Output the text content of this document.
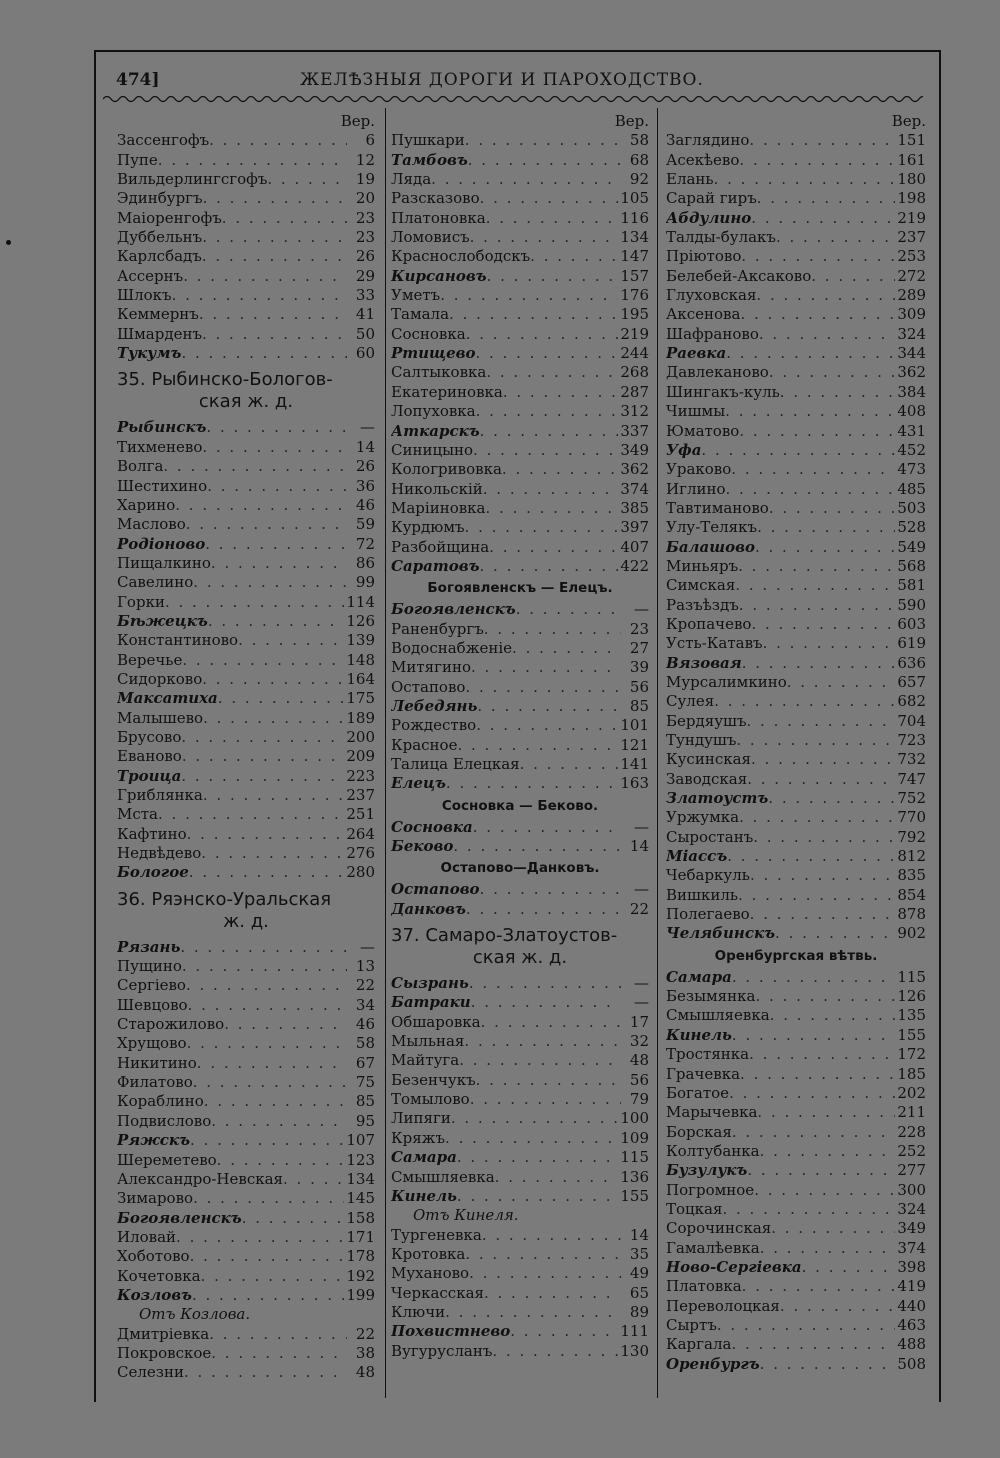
474]	ЖЕЛѢЗНЫЯ ДОРОГИ И ПАРОХОДСТВО.
Вер.
Зассенгофъ . . .	6
Пупе . . .	12
Вильдерлингсгофъ . . .	19
Эдинбургъ . . .	20
Маіоренгофъ . . .	23
Дуббельнъ . . .	23
Карлсбадъ . . .	26
Ассернъ . . .	29
Шлокъ . . .	33
Кеммернъ . . .	41
Шмарденъ . . .	50
Тукумъ . . .	60
35. Рыбинско-Бологов-
ская ж. д.
Рыбинскъ . . .	—
Тихменево . . .	14
Волга . . .	26
Шестихино . . .	36
Харино . . .	46
Маслово . . .	59
Родіоново . . .	72
Пищалкино . . .	86
Савелино . . .	99
Горки . . .	114
Бѣжецкъ . . .	126
Константиново . . .	139
Веречье . . .	148
Сидорково . . .	164
Максатиха . . .	175
Малышево . . .	189
Брусово . . .	200
Еваново . . .	209
Троица . . .	223
Гриблянка . . .	237
Мста . . .	251
Кафтино . . .	264
Недвѣдево . . .	276
Бологое . . .	280
36. Ряэнско-Уральская
ж. д.
Рязань . . .	—
Пущино . . .	13
Сергіево . . .	22
Шевцово . . .	34
Старожилово . . .	46
Хрущово . . .	58
Никитино . . .	67
Филатово . . .	75
Кораблино . . .	85
Подвислово . . .	95
Ряжскъ . . .	107
Шереметево . . .	123
Александро-Невская . . .	134
Зимарово . . .	145
Богоявленскъ . . .	158
Иловай . . .	171
Хоботово . . .	178
Кочетовка . . .	192
Козловъ . . .	199
Отъ Козлова.
Дмитріевка . . .	22
Покровское . . .	38
Селезни . . .	48
Вер.
Пушкари . . .	58
Тамбовъ . . .	68
Ляда . . .	92
Разсказово . . .	105
Платоновка . . .	116
Ломовисъ . . .	134
Краснослободскъ . . .	147
Кирсановъ . . .	157
Уметъ . . .	176
Тамала . . .	195
Сосновка . . .	219
Ртищево . . .	244
Салтыковка . . .	268
Екатериновка . . .	287
Лопуховка . . .	312
Аткарскъ . . .	337
Синицыно . . .	349
Кологривовка . . .	362
Никольскій . . .	374
Маріиновка . . .	385
Курдюмъ . . .	397
Разбойщина . . .	407
Саратовъ . . .	422
Богоявленскъ — Елецъ.
Богоявленскъ . . .	—
Раненбургъ . . .	23
Водоснабженіе . . .	27
Митягино . . .	39
Остапово . . .	56
Лебедянь . . .	85
Рождество . . .	101
Красное . . .	121
Талица Елецкая . . .	141
Елецъ . . .	163
Сосновка — Беково.
Сосновка . . .	—
Беково . . .	14
Остапово—Данковъ.
Остапово . . .	—
Данковъ . . .	22
37. Самаро-Златоустов-
ская ж. д.
Сызрань . . .	—
Батраки . . .	—
Обшаровка . . .	17
Мыльная . . .	32
Майтуга . . .	48
Безенчукъ . . .	56
Томылово . . .	79
Липяги . . .	100
Кряжъ . . .	109
Самара . . .	115
Смышляевка . . .	136
Кинель . . .	155
Отъ Кинеля.
Тургеневка . . .	14
Кротовка . . .	35
Муханово . . .	49
Черкасская . . .	65
Ключи . . .	89
Похвистнево . . .	111
Вугурусланъ . . .	130
Вер.
Заглядино . . .	151
Асекѣево . . .	161
Елань . . .	180
Сарай гиръ . . .	198
Абдулино . . .	219
Талды-булакъ . . .	237
Пріютово . . .	253
Белебей-Аксаково . . .	272
Глуховская . . .	289
Аксенова . . .	309
Шафраново . . .	324
Раевка . . .	344
Давлеканово . . .	362
Шингакъ-куль . . .	384
Чишмы . . .	408
Юматово . . .	431
Уфа . . .	452
Ураково . . .	473
Иглино . . .	485
Тавтиманово . . .	503
Улу-Телякъ . . .	528
Балашово . . .	549
Миньяръ . . .	568
Симская . . .	581
Разъѣздъ . . .	590
Кропачево . . .	603
Усть-Катавъ . . .	619
Вязовая . . .	636
Мурсалимкино . . .	657
Сулея . . .	682
Бердяушъ . . .	704
Тундушъ . . .	723
Кусинская . . .	732
Заводская . . .	747
Златоустъ . . .	752
Уржумка . . .	770
Сыростанъ . . .	792
Міассъ . . .	812
Чебаркуль . . .	835
Вишкиль . . .	854
Полегаево . . .	878
Челябинскъ . . .	902
Оренбургская вѣтвь.
Самара . . .	115
Безымянка . . .	126
Смышляевка . . .	135
Кинель . . .	155
Тростянка . . .	172
Грачевка . . .	185
Богатое . . .	202
Марычевка . . .	211
Борская . . .	228
Колтубанка . . .	252
Бузулукъ . . .	277
Погромное . . .	300
Тоцкая . . .	324
Сорочинская . . .	349
Гамалѣевка . . .	374
Ново-Сергіевка . . .	398
Платовка . . .	419
Переволоцкая . . .	440
Сыртъ . . .	463
Каргала . . .	488
Оренбургъ . . .	508
